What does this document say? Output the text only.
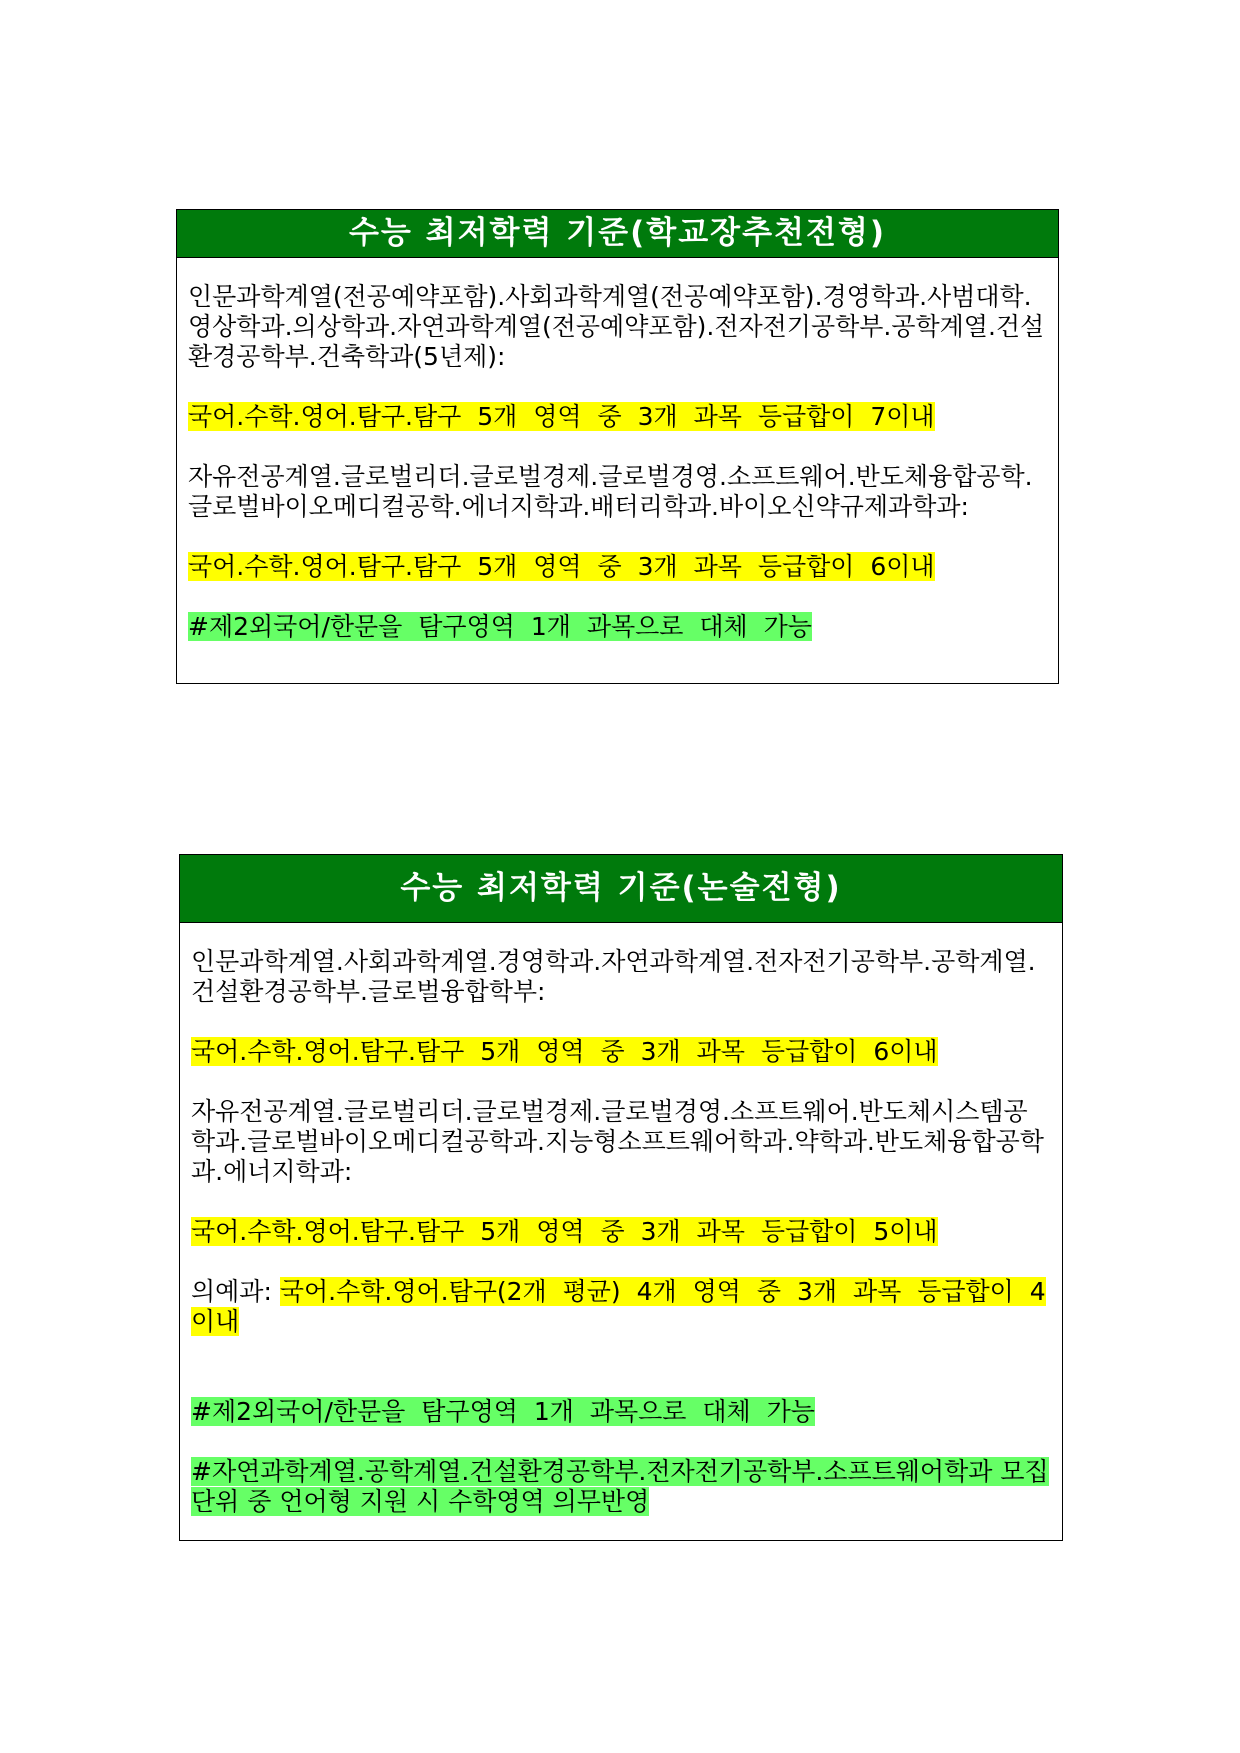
수능 최저학력 기준(학교장추천전형)

인문과학계열(전공예약포함).사회과학계열(전공예약포함).경영학과.사범대학.영상학과.의상학과.자연과학계열(전공예약포함).전자전기공학부.공학계열.건설환경공학부.건축학과(5년제):

국어.수학.영어.탐구.탐구 5개 영역 중 3개 과목 등급합이 7이내

자유전공계열.글로벌리더.글로벌경제.글로벌경영.소프트웨어.반도체융합공학.글로벌바이오메디컬공학.에너지학과.배터리학과.바이오신약규제과학과:

국어.수학.영어.탐구.탐구 5개 영역 중 3개 과목 등급합이 6이내

#제2외국어/한문을 탐구영역 1개 과목으로 대체 가능

수능 최저학력 기준(논술전형)

인문과학계열.사회과학계열.경영학과.자연과학계열.전자전기공학부.공학계열.건설환경공학부.글로벌융합학부:

국어.수학.영어.탐구.탐구 5개 영역 중 3개 과목 등급합이 6이내

자유전공계열.글로벌리더.글로벌경제.글로벌경영.소프트웨어.반도체시스템공학과.글로벌바이오메디컬공학과.지능형소프트웨어학과.약학과.반도체융합공학과.에너지학과:

국어.수학.영어.탐구.탐구 5개 영역 중 3개 과목 등급합이 5이내

의예과: 국어.수학.영어.탐구(2개 평균) 4개 영역 중 3개 과목 등급합이 4이내

#제2외국어/한문을 탐구영역 1개 과목으로 대체 가능

#자연과학계열.공학계열.건설환경공학부.전자전기공학부.소프트웨어학과 모집단위 중 언어형 지원 시 수학영역 의무반영
